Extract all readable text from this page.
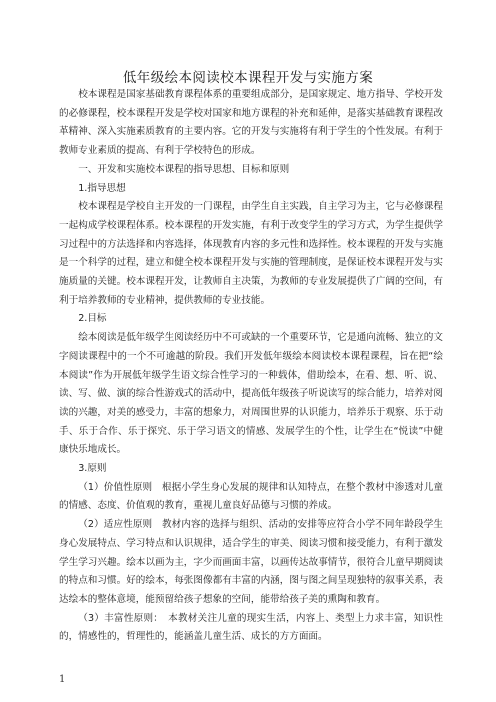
低年级绘本阅读校本课程开发与实施方案

校本课程是国家基础教育课程体系的重要组成部分，是国家规定、地方指导、学校开发的必修课程，校本课程开发是学校对国家和地方课程的补充和延伸，是落实基础教育课程改革精神、深入实施素质教育的主要内容。它的开发与实施将有利于学生的个性发展。有利于教师专业素质的提高、有利于学校特色的形成。

一、开发和实施校本课程的指导思想、目标和原则

1.指导思想

校本课程是学校自主开发的一门课程，由学生自主实践，自主学习为主，它与必修课程一起构成学校课程体系。校本课程的开发实施，有利于改变学生的学习方式，为学生提供学习过程中的方法选择和内容选择，体现教育内容的多元性和选择性。校本课程的开发与实施是一个科学的过程，建立和健全校本课程开发与实施的管理制度，是保证校本课程开发与实施质量的关键。校本课程开发，让教师自主决策，为教师的专业发展提供了广阔的空间，有利于培养教师的专业精神，提供教师的专业技能。

2.目标

绘本阅读是低年级学生阅读经历中不可或缺的一个重要环节，它是通向流畅、独立的文字阅读课程中的一个不可逾越的阶段。我们开发低年级绘本阅读校本课程课程，旨在把“绘本阅读”作为开展低年级学生语文综合性学习的一种载体，借助绘本，在看、想、听、说、读、写、做、演的综合性游戏式的活动中，提高低年级孩子听说读写的综合能力，培养对阅读的兴趣，对美的感受力，丰富的想象力，对周围世界的认识能力，培养乐于观察、乐于动手、乐于合作、乐于探究、乐于学习语文的情感、发展学生的个性，让学生在“悦读”中健康快乐地成长。

3.原则

（1）价值性原则　根据小学生身心发展的规律和认知特点，在整个教材中渗透对儿童的情感、态度、价值观的教育，重视儿童良好品德与习惯的养成。

（2）适应性原则　教材内容的选择与组织、活动的安排等应符合小学不同年龄段学生身心发展特点、学习特点和认识规律，适合学生的审美、阅读习惯和接受能力，有利于激发学生学习兴趣。绘本以画为主，字少而画面丰富，以画传达故事情节，很符合儿童早期阅读的特点和习惯。好的绘本，每张图像都有丰富的内涵，图与图之间呈现独特的叙事关系，表达绘本的整体意境，能预留给孩子想象的空间，能带给孩子美的熏陶和教育。

（3）丰富性原则：　本教材关注儿童的现实生活，内容上、类型上力求丰富，知识性的，情感性的，哲理性的，能涵盖儿童生活、成长的方方面面。

1
